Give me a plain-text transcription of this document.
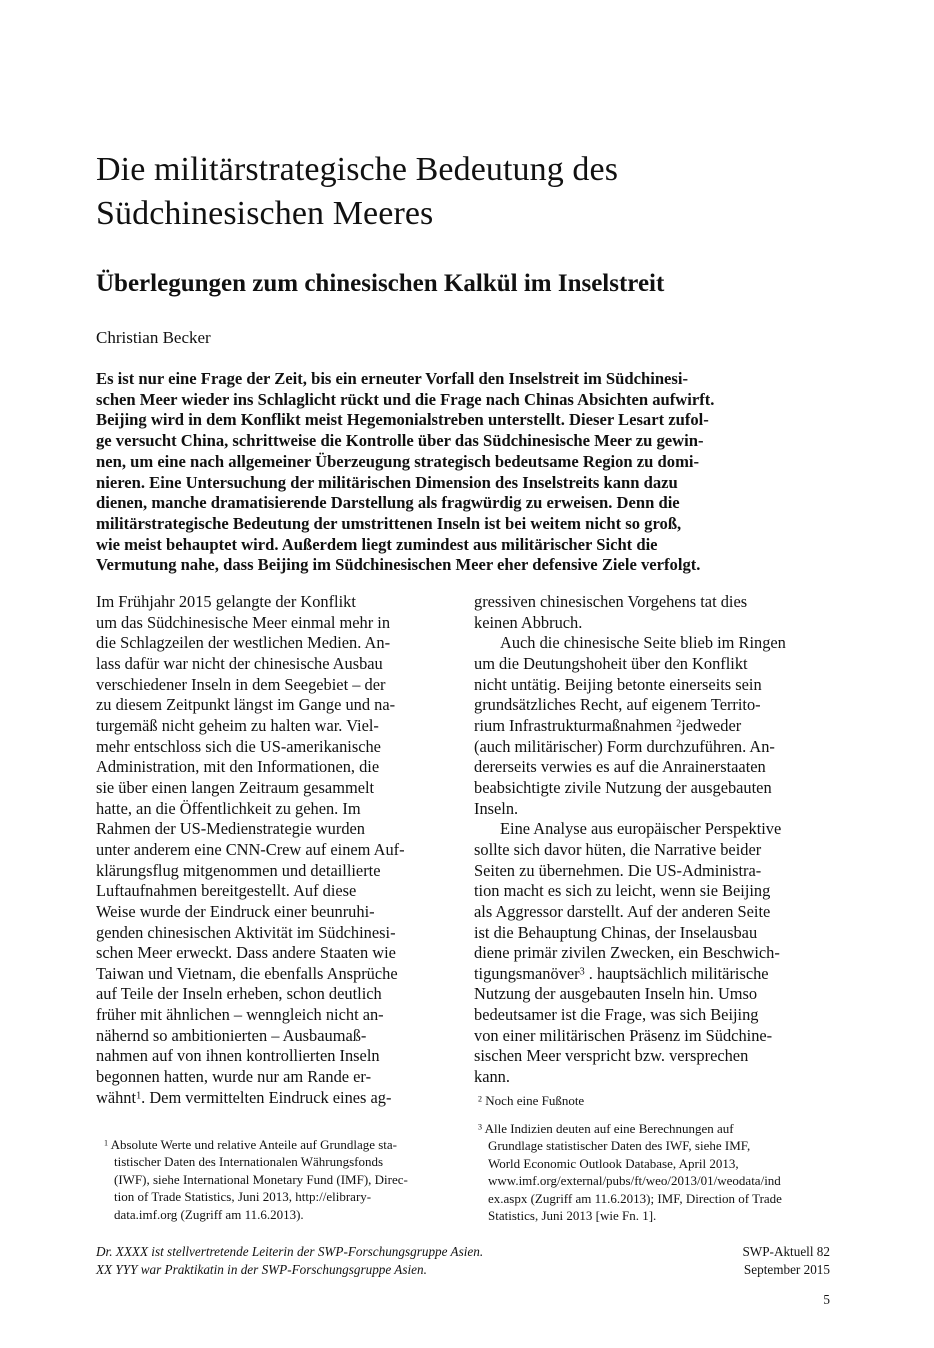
Die militärstrategische Bedeutung des
Südchinesischen Meeres
Überlegungen zum chinesischen Kalkül im Inselstreit
Christian Becker
Es ist nur eine Frage der Zeit, bis ein erneuter Vorfall den Inselstreit im Südchinesi-
schen Meer wieder ins Schlaglicht rückt und die Frage nach Chinas Absichten aufwirft.
Beijing wird in dem Konflikt meist Hegemonialstreben unterstellt. Dieser Lesart zufol-
ge versucht China, schrittweise die Kontrolle über das Südchinesische Meer zu gewin-
nen, um eine nach allgemeiner Überzeugung strategisch bedeutsame Region zu domi-
nieren. Eine Untersuchung der militärischen Dimension des Inselstreits kann dazu
dienen, manche dramatisierende Darstellung als fragwürdig zu erweisen. Denn die
militärstrategische Bedeutung der umstrittenen Inseln ist bei weitem nicht so groß,
wie meist behauptet wird. Außerdem liegt zumindest aus militärischer Sicht die
Vermutung nahe, dass Beijing im Südchinesischen Meer eher defensive Ziele verfolgt.
Im Frühjahr 2015 gelangte der Konflikt
um das Südchinesische Meer einmal mehr in
die Schlagzeilen der westlichen Medien. An-
lass dafür war nicht der chinesische Ausbau
verschiedener Inseln in dem Seegebiet – der
zu diesem Zeitpunkt längst im Gange und na-
turgemäß nicht geheim zu halten war. Viel-
mehr entschloss sich die US-amerikanische
Administration, mit den Informationen, die
sie über einen langen Zeitraum gesammelt
hatte, an die Öffentlichkeit zu gehen. Im
Rahmen der US-Medienstrategie wurden
unter anderem eine CNN-Crew auf einem Auf-
klärungsflug mitgenommen und detaillierte
Luftaufnahmen bereitgestellt. Auf diese
Weise wurde der Eindruck einer beunruhi-
genden chinesischen Aktivität im Südchinesi-
schen Meer erweckt. Dass andere Staaten wie
Taiwan und Vietnam, die ebenfalls Ansprüche
auf Teile der Inseln erheben, schon deutlich
früher mit ähnlichen – wenngleich nicht an-
nähernd so ambitionierten – Ausbaumaß-
nahmen auf von ihnen kontrollierten Inseln
begonnen hatten, wurde nur am Rande er-
wähnt$^1$. Dem vermittelten Eindruck eines ag-
gressiven chinesischen Vorgehens tat dies
keinen Abbruch.
Auch die chinesische Seite blieb im Ringen
um die Deutungshoheit über den Konflikt
nicht untätig. Beijing betonte einerseits sein
grundsätzliches Recht, auf eigenem Territo-
rium Infrastrukturmaßnahmen $^2$jedweder
(auch militärischer) Form durchzuführen. An-
dererseits verwies es auf die Anrainerstaaten
beabsichtigte zivile Nutzung der ausgebauten
Inseln.
Eine Analyse aus europäischer Perspektive
sollte sich davor hüten, die Narrative beider
Seiten zu übernehmen. Die US-Administra-
tion macht es sich zu leicht, wenn sie Beijing
als Aggressor darstellt. Auf der anderen Seite
ist die Behauptung Chinas, der Inselausbau
diene primär zivilen Zwecken, ein Beschwich-
tigungsmanöver$^3$ . hauptsächlich militärische
Nutzung der ausgebauten Inseln hin. Umso
bedeutsamer ist die Frage, was sich Beijing
von einer militärischen Präsenz im Südchine-
sischen Meer verspricht bzw. versprechen
kann.
$^1$ Absolute Werte und relative Anteile auf Grundlage sta-
tistischer Daten des Internationalen Währungsfonds
(IWF), siehe International Monetary Fund (IMF), Direc-
tion of Trade Statistics, Juni 2013, http://elibrary-
data.imf.org (Zugriff am 11.6.2013).
$^2$ Noch eine Fußnote
$^3$ Alle Indizien deuten auf eine Berechnungen auf
Grundlage statistischer Daten des IWF, siehe IMF,
World Economic Outlook Database, April 2013,
www.imf.org/external/pubs/ft/weo/2013/01/weodata/ind
ex.aspx (Zugriff am 11.6.2013); IMF, Direction of Trade
Statistics, Juni 2013 [wie Fn. 1].
Dr. XXXX ist stellvertretende Leiterin der SWP-Forschungsgruppe Asien.
XX YYY war Praktikatin in der SWP-Forschungsgruppe Asien.
SWP-Aktuell 82
September 2015
5
